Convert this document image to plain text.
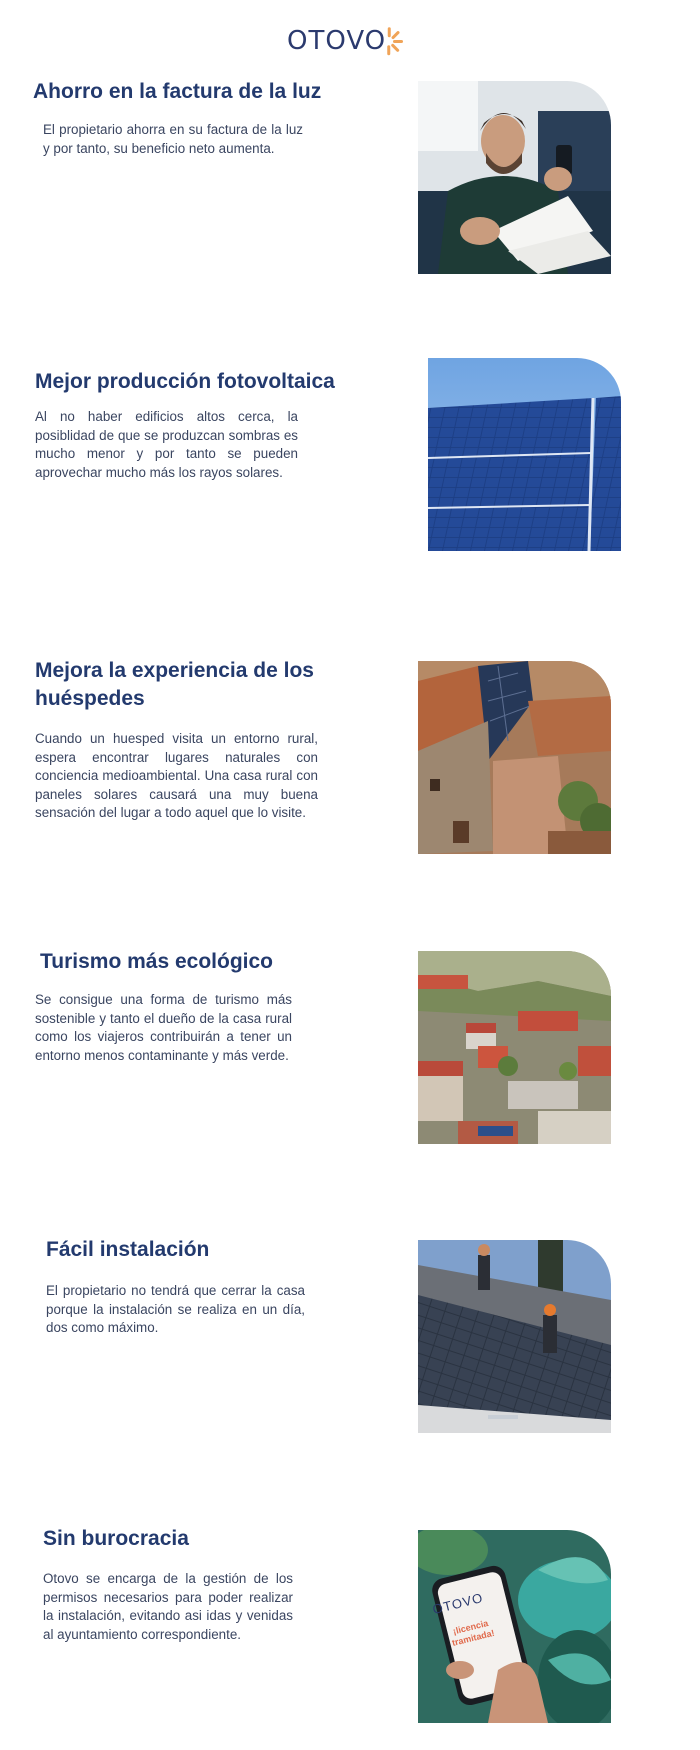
OTOVO
Ahorro en la factura de la luz
El propietario ahorra en su factura de la luz y por tanto, su beneficio neto aumenta.
Mejor producción fotovoltaica
Al no haber edificios altos cerca, la posiblidad de que se produzcan sombras es mucho menor y por tanto se pueden aprovechar mucho más los rayos solares.
Mejora la experiencia de los huéspedes
Cuando un huesped visita un entorno rural, espera encontrar lugares naturales con conciencia medioambiental. Una casa rural con paneles solares causará una muy buena sensación del lugar a todo aquel que lo visite.
Turismo más ecológico
Se consigue una forma de turismo más sostenible y tanto el dueño de la casa rural como los viajeros contribuirán a tener un entorno menos contaminante y más verde.
Fácil instalación
El propietario no tendrá que cerrar la casa porque la instalación se realiza en un día, dos como máximo.
Sin burocracia
Otovo se encarga de la gestión de los permisos necesarios para poder realizar la instalación, evitando asi idas y venidas al ayuntamiento correspondiente.
OTOVO
¡licencia tramitada!
